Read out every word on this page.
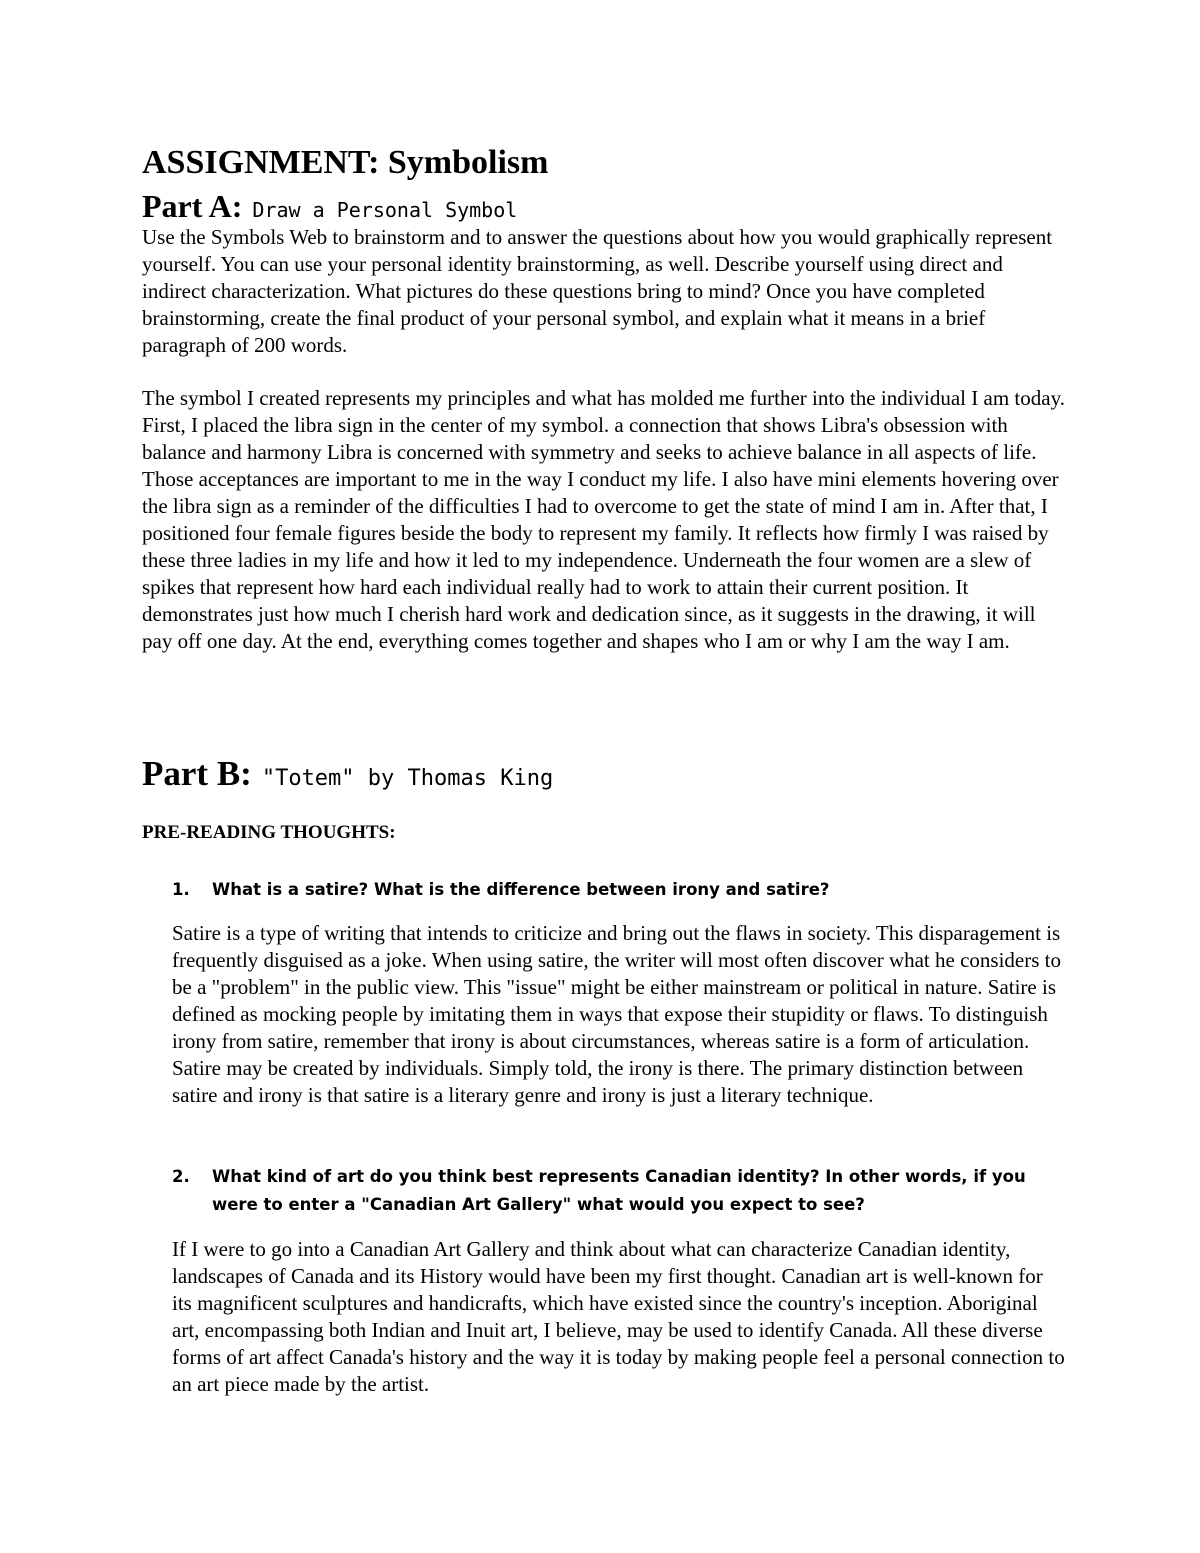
ASSIGNMENT: Symbolism
Part A: Draw a Personal Symbol

Use the Symbols Web to brainstorm and to answer the questions about how you would graphically represent yourself. You can use your personal identity brainstorming, as well. Describe yourself using direct and indirect characterization. What pictures do these questions bring to mind? Once you have completed brainstorming, create the final product of your personal symbol, and explain what it means in a brief paragraph of 200 words.

The symbol I created represents my principles and what has molded me further into the individual I am today. First, I placed the libra sign in the center of my symbol. a connection that shows Libra's obsession with balance and harmony Libra is concerned with symmetry and seeks to achieve balance in all aspects of life. Those acceptances are important to me in the way I conduct my life. I also have mini elements hovering over the libra sign as a reminder of the difficulties I had to overcome to get the state of mind I am in. After that, I positioned four female figures beside the body to represent my family. It reflects how firmly I was raised by these three ladies in my life and how it led to my independence. Underneath the four women are a slew of spikes that represent how hard each individual really had to work to attain their current position. It demonstrates just how much I cherish hard work and dedication since, as it suggests in the drawing, it will pay off one day. At the end, everything comes together and shapes who I am or why I am the way I am.

Part B: "Totem" by Thomas King
PRE-READING THOUGHTS:
1. What is a satire? What is the difference between irony and satire?

Satire is a type of writing that intends to criticize and bring out the flaws in society. This disparagement is frequently disguised as a joke. When using satire, the writer will most often discover what he considers to be a "problem" in the public view. This "issue" might be either mainstream or political in nature. Satire is defined as mocking people by imitating them in ways that expose their stupidity or flaws. To distinguish irony from satire, remember that irony is about circumstances, whereas satire is a form of articulation. Satire may be created by individuals. Simply told, the irony is there. The primary distinction between satire and irony is that satire is a literary genre and irony is just a literary technique.

2. What kind of art do you think best represents Canadian identity? In other words, if you were to enter a "Canadian Art Gallery" what would you expect to see?

If I were to go into a Canadian Art Gallery and think about what can characterize Canadian identity, landscapes of Canada and its History would have been my first thought. Canadian art is well-known for its magnificent sculptures and handicrafts, which have existed since the country's inception. Aboriginal art, encompassing both Indian and Inuit art, I believe, may be used to identify Canada. All these diverse forms of art affect Canada's history and the way it is today by making people feel a personal connection to an art piece made by the artist.
